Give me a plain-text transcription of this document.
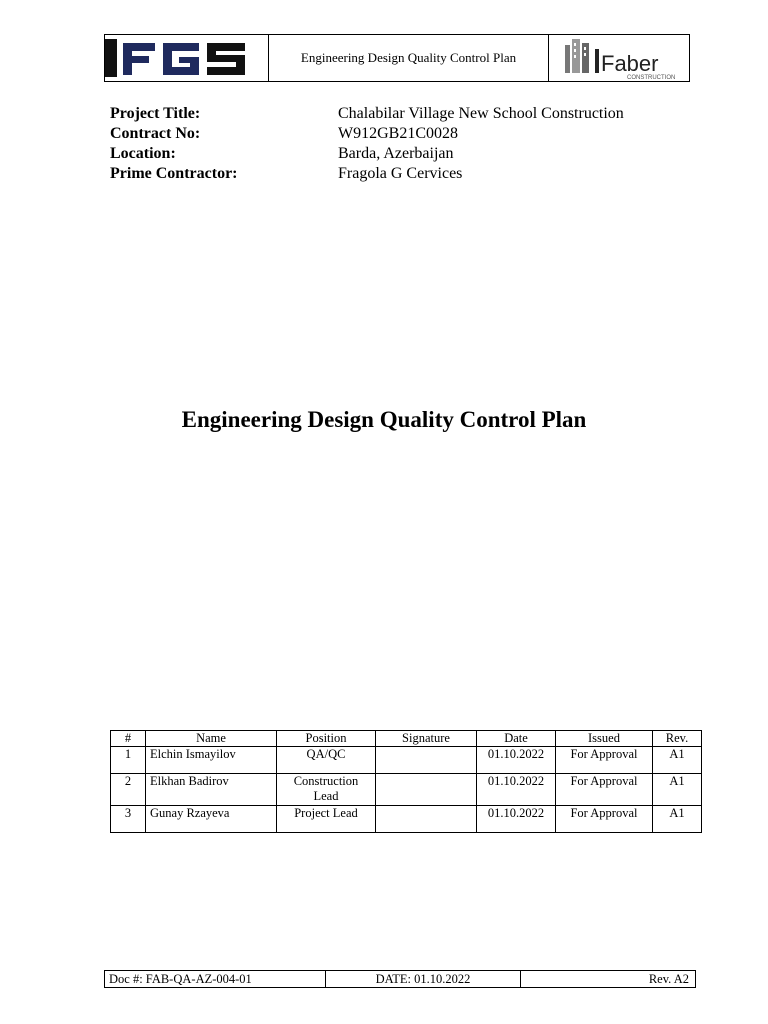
FGS
Engineering Design Quality Control Plan	Faber
CONSTRUCTION
Project Title:	Chalabilar Village New School Construction
Contract No:	W912GB21C0028
Location:	Barda, Azerbaijan
Prime Contractor:	Fragola G Cervices
Engineering Design Quality Control Plan
#	Name	Position	Signature	Date	Issued	Rev.
1	Elchin Ismayilov	QA/QC		01.10.2022	For Approval	A1
2	Elkhan Badirov	Construction Lead		01.10.2022	For Approval	A1
3	Gunay Rzayeva	Project Lead		01.10.2022	For Approval	A1
Doc #: FAB-QA-AZ-004-01	DATE: 01.10.2022	Rev. A2
